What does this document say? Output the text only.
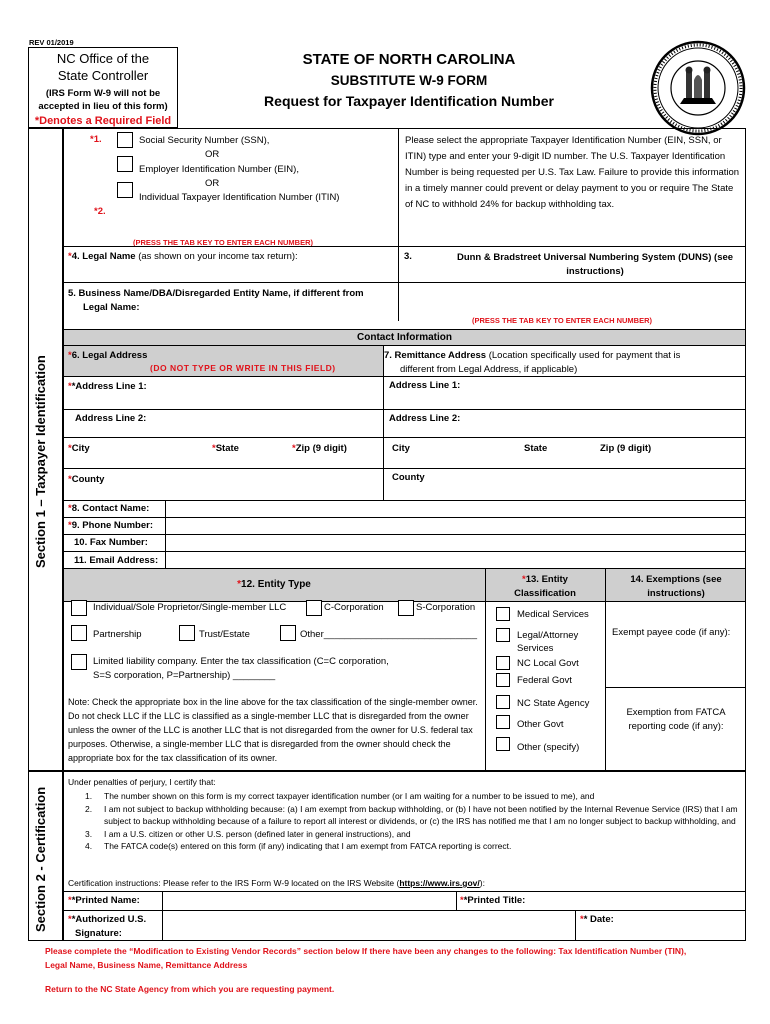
REV 01/2019
NC Office of the
State Controller
(IRS Form W-9 will not be
accepted in lieu of this form)
*Denotes a Required Field
STATE OF NORTH CAROLINA
SUBSTITUTE W-9 FORM
Request for Taxpayer Identification Number
Section 1 – Taxpayer Identification
*1.	Social Security Number (SSN),
OR
Employer Identification Number (EIN),
OR
Individual Taxpayer Identification Number (ITIN)
*2.
Please select the appropriate Taxpayer Identification Number (EIN, SSN, or ITIN) type and enter your 9-digit ID number. The U.S. Taxpayer Identification Number is being requested per U.S. Tax Law. Failure to provide this information in a timely manner could prevent or delay payment to you or require The State of NC to withhold 24% for backup withholding tax.
(PRESS THE TAB KEY TO ENTER EACH NUMBER)
*4. Legal Name (as shown on your income tax return):	3.	Dunn & Bradstreet Universal Numbering System (DUNS) (see
instructions)
5. Business Name/DBA/Disregarded Entity Name, if different from
Legal Name:
(PRESS THE TAB KEY TO ENTER EACH NUMBER)
Contact Information
*6. Legal Address
(DO NOT TYPE OR WRITE IN THIS FIELD)
7. Remittance Address (Location specifically used for payment that is
different from Legal Address, if applicable)
**Address Line 1:	Address Line 1:
Address Line 2:	Address Line 2:
*City	*State	*Zip (9 digit)	City	State	Zip (9 digit)
*County	County
*8. Contact Name:
*9. Phone Number:
10. Fax Number:
11. Email Address:
*12. Entity Type	*13. Entity
Classification
14. Exemptions (see
instructions)
Individual/Sole Proprietor/Single-member LLC	C-Corporation	S-Corporation
Partnership	Trust/Estate	Other_____________________________
Limited liability company. Enter the tax classification (C=C corporation,
S=S corporation, P=Partnership) ________
Note: Check the appropriate box in the line above for the tax classification of the single-member owner. Do not check LLC if the LLC is classified as a single-member LLC that is disregarded from the owner unless the owner of the LLC is another LLC that is not disregarded from the owner for U.S. federal tax purposes. Otherwise, a single-member LLC that is disregarded from the owner should check the appropriate box for the tax classification of its owner.
Medical Services
Legal/Attorney Services
NC Local Govt
Federal Govt
NC State Agency
Other Govt
Other (specify)
Exempt payee code (if any):
Exemption from FATCA
reporting code (if any):
Section 2 - Certification
Under penalties of perjury, I certify that:
1.	The number shown on this form is my correct taxpayer identification number (or I am waiting for a number to be issued to me), and
2.	I am not subject to backup withholding because: (a) I am exempt from backup withholding, or (b) I have not been notified by the Internal Revenue Service (IRS) that I am subject to backup withholding because of a failure to report all interest or dividends, or (c) the IRS has notified me that I am no longer subject to backup withholding, and
3.	I am a U.S. citizen or other U.S. person (defined later in general instructions), and
4.	The FATCA code(s) entered on this form (if any) indicating that I am exempt from FATCA reporting is correct.
Certification instructions: Please refer to the IRS Form W-9 located on the IRS Website (https://www.irs.gov/):
**Printed Name:	**Printed Title:
**Authorized U.S.
Signature:
** Date:
Please complete the “Modification to Existing Vendor Records” section below If there have been any changes to the following: Tax Identification Number (TIN),
Legal Name, Business Name, Remittance Address
Return to the NC State Agency from which you are requesting payment.
